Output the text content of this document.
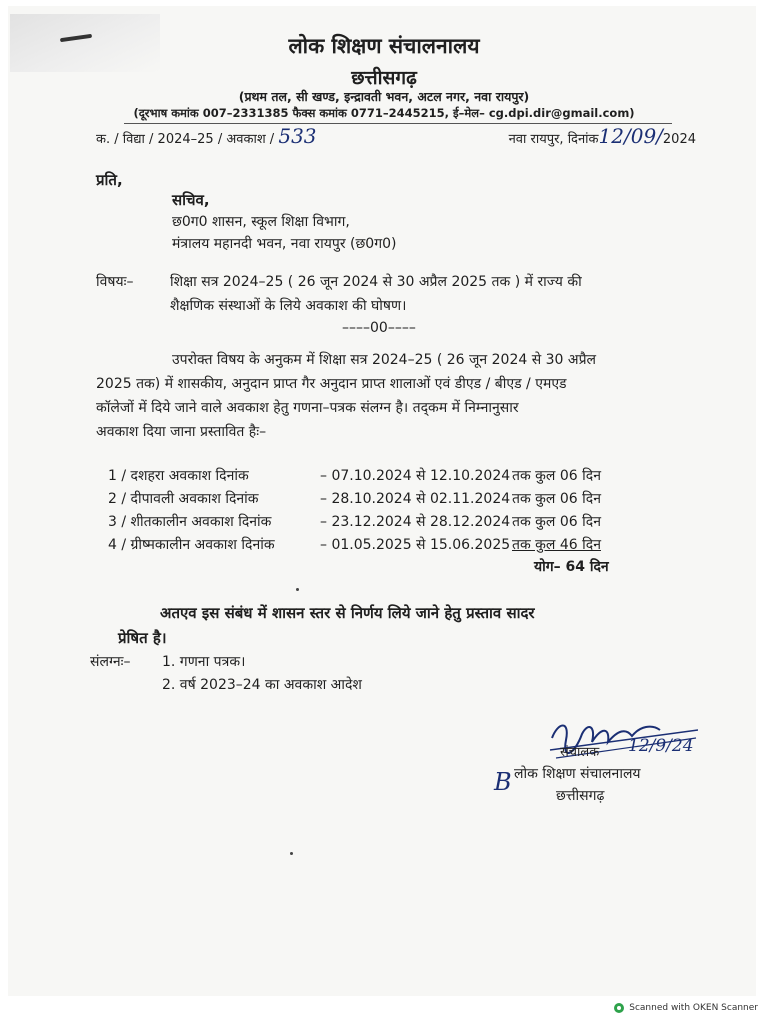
लोक शिक्षण संचालनालय
छत्तीसगढ़
(प्रथम तल, सी खण्ड, इन्द्रावती भवन, अटल नगर, नवा रायपुर)
(दूरभाष कमांक 007–2331385 फैक्स कमांक 0771–2445215, ई–मेल– cg.dpi.dir@gmail.com)
क. / विद्या / 2024–25 / अवकाश / 533	नवा रायपुर, दिनांक12/09/2024
प्रति,
सचिव,
छ0ग0 शासन, स्कूल शिक्षा विभाग,
मंत्रालय महानदी भवन, नवा रायपुर (छ0ग0)
विषयः–	शिक्षा सत्र 2024–25 ( 26 जून 2024 से 30 अप्रैल 2025 तक ) में राज्य की
शैक्षणिक संस्थाओं के लिये अवकाश की घोषण।
––––00––––
उपरोक्त विषय के अनुकम में शिक्षा सत्र 2024–25 ( 26 जून 2024 से 30 अप्रैल
2025 तक) में शासकीय, अनुदान प्राप्त गैर अनुदान प्राप्त शालाओं एवं डीएड / बीएड / एमएड
कॉलेजों में दिये जाने वाले अवकाश हेतु गणना–पत्रक संलग्न है। तद्कम में निम्नानुसार
अवकाश दिया जाना प्रस्तावित हैः–
1 / दशहरा अवकाश दिनांक	– 07.10.2024 से 12.10.2024 तक कुल 06 दिन
2 / दीपावली अवकाश दिनांक	– 28.10.2024 से 02.11.2024 तक कुल 06 दिन
3 / शीतकालीन अवकाश दिनांक	– 23.12.2024 से 28.12.2024 तक कुल 06 दिन
4 / ग्रीष्मकालीन अवकाश दिनांक	– 01.05.2025 से 15.06.2025 तक कुल 46 दिन
योग– 64 दिन
अतएव इस संबंध में शासन स्तर से निर्णय लिये जाने हेतु प्रस्ताव सादर
प्रेषित है।
संलग्नः– 1. गणना पत्रक।
2. वर्ष 2023–24 का अवकाश आदेश
संचालक 12/9/24
B लोक शिक्षण संचालनालय
छत्तीसगढ़
Scanned with OKEN Scanner
